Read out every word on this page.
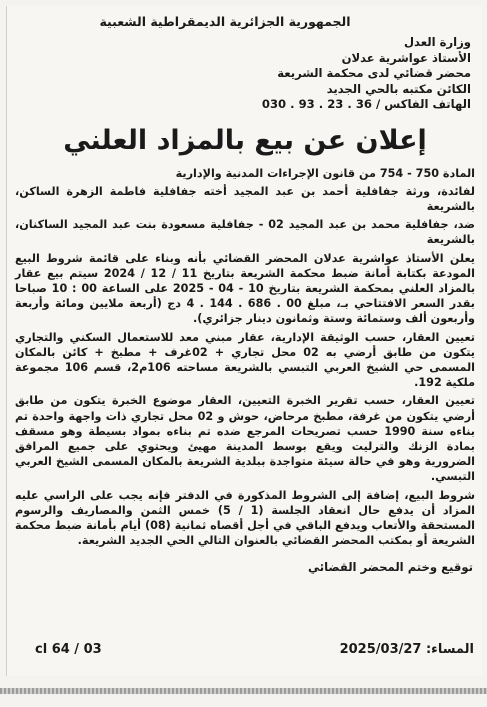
الجمهورية الجزائرية الديمقراطية الشعبية
وزارة العدل
الأستاذ عواشرية عدلان
محضر قضائي لدى محكمة الشريعة
الكائن مكتبه بالحي الجديد
الهاتف الفاكس / 36 . 23 . 93 . 030
إعلان عن بيع بالمزاد العلني

المادة 750 - 754 من قانون الإجراءات المدنية والإدارية

لفائدة، ورثة جفافلية أحمد بن عبد المجيد أخته جفافلية فاطمة الزهرة الساكن، بالشريعة

ضد، جفافلية محمد بن عبد المجيد 02 - جفافلية مسعودة بنت عبد المجيد الساكنان، بالشريعة

يعلن الأستاذ عواشرية عدلان المحضر القضائي بأنه وبناء على قائمة شروط البيع المودعة بكتابة أمانة ضبط محكمة الشريعة بتاريخ 11 / 12 / 2024 سيتم بيع عقار بالمزاد العلني بمحكمة الشريعة بتاريخ 10 - 04 - 2025 على الساعة 00 : 10 صباحا بقدر السعر الافتتاحي بـ، مبلغ 00 . 686 . 144 . 4 دج (أربعة ملايين ومائة وأربعة وأربعون ألف وستمائة وستة وثمانون دينار جزائري).

تعيين العقار، حسب الوثيقة الإدارية، عقار مبني معد للاستعمال السكني والتجاري يتكون من طابق أرضي به 02 محل تجاري + 02غرف + مطبخ + كائن بالمكان المسمى حي الشيخ العربي التبسي بالشريعة مساحته 106م2، قسم 106 مجموعة ملكية 192.

تعيين العقار، حسب تقرير الخبرة التعيين، العقار موضوع الخبرة يتكون من طابق أرضي يتكون من غرفة، مطبخ مرحاض، حوش و 02 محل تجاري ذات واجهة واحدة تم بناءه سنة 1990 حسب تصريحات المرجع ضده تم بناءه بمواد بسيطة وهو مسقف بمادة الزنك والترليت ويقع بوسط المدينة مهيئ ويحتوي على جميع المرافق الضرورية وهو في حالة سيئة متواجدة ببلدية الشريعة بالمكان المسمى الشيخ العربي التبسي.

شروط البيع، إضافة إلى الشروط المذكورة في الدفتر فإنه يجب على الراسي عليه المزاد أن يدفع حال انعقاد الجلسة (1 / 5) خمس الثمن والمصاريف والرسوم المستحقة والأتعاب ويدفع الباقي في أجل أقصاه ثمانية (08) أيام بأمانة ضبط محكمة الشريعة أو بمكتب المحضر القضائي بالعنوان التالي الحي الجديد الشريعة.

توقيع وختم المحضر القضائي
المساء: 2025/03/27
cl 64 / 03
